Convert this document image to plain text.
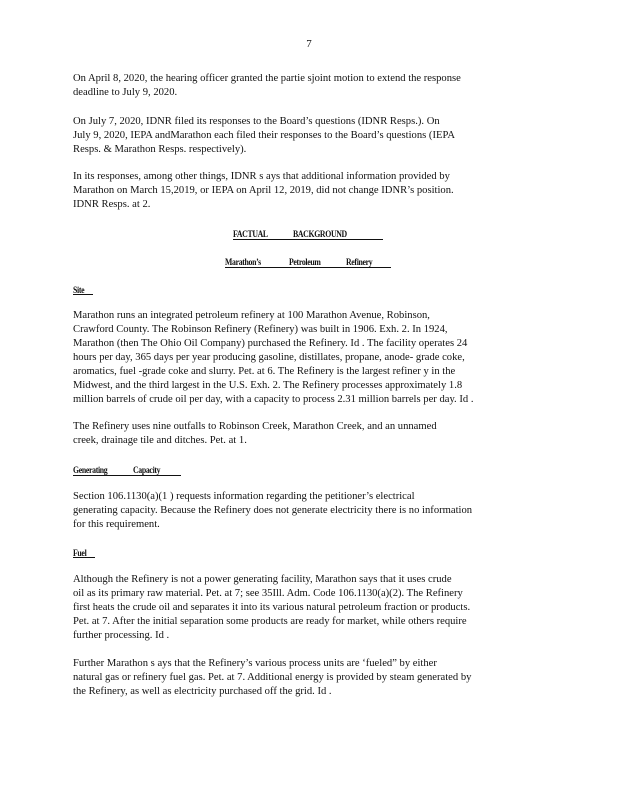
7
On April 8, 2020, the hearing officer granted the partie sjoint motion to extend the response
deadline to July 9, 2020.
On July 7, 2020, IDNR filed its responses to the Board’s questions (IDNR Resps.). On
July 9, 2020, IEPA andMarathon each filed their responses to the Board’s questions (IEPA
Resps. & Marathon Resps. respectively).
In its responses, among other things, IDNR s ays that additional information provided by
Marathon on March 15,2019, or IEPA on April 12, 2019, did not change IDNR’s position.
IDNR Resps. at 2.
FACTUAL	BACKGROUND
Marathon’s	Petroleum	Refinery
Site
Marathon runs an integrated petroleum refinery at 100 Marathon Avenue, Robinson,
Crawford County. The Robinson Refinery (Refinery) was built in 1906. Exh. 2. In 1924,
Marathon (then The Ohio Oil Company) purchased the Refinery. Id . The facility operates 24
hours per day, 365 days per year producing gasoline, distillates, propane, anode- grade coke,
aromatics, fuel -grade coke and slurry. Pet. at 6. The Refinery is the largest refiner y in the
Midwest, and the third largest in the U.S. Exh. 2. The Refinery processes approximately 1.8
million barrels of crude oil per day, with a capacity to process 2.31 million barrels per day. Id .
The Refinery uses nine outfalls to Robinson Creek, Marathon Creek, and an unnamed
creek, drainage tile and ditches. Pet. at 1.
Generating	Capacity
Section 106.1130(a)(1 ) requests information regarding the petitioner’s electrical
generating capacity. Because the Refinery does not generate electricity there is no information
for this requirement.
Fuel
Although the Refinery is not a power generating facility, Marathon says that it uses crude
oil as its primary raw material. Pet. at 7; see 35Ill. Adm. Code 106.1130(a)(2). The Refinery
first heats the crude oil and separates it into its various natural petroleum fraction or products.
Pet. at 7. After the initial separation some products are ready for market, while others require
further processing. Id .
Further Marathon s ays that the Refinery’s various process units are ‘fueled” by either
natural gas or refinery fuel gas. Pet. at 7. Additional energy is provided by steam generated by
the Refinery, as well as electricity purchased off the grid. Id .
